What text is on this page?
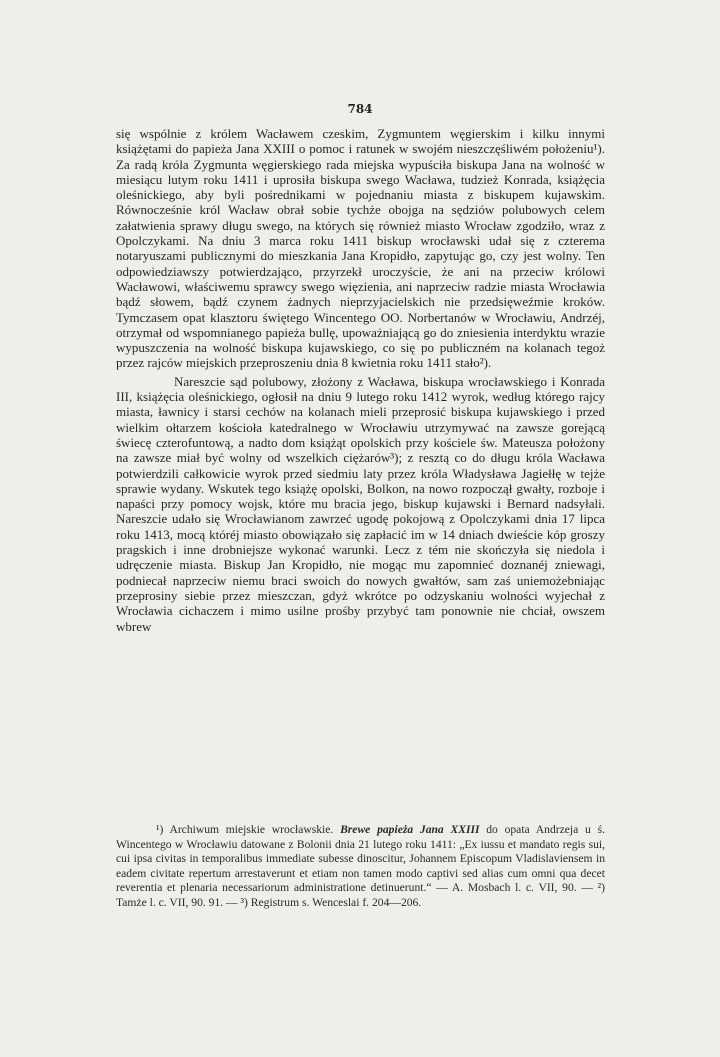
784

się wspólnie z królem Wacławem czeskim, Zygmuntem węgierskim i kilku innymi książętami do papieża Jana XXIII o pomoc i ratunek w swojém nieszczęśliwém położeniu¹). Za radą króla Zygmunta węgierskiego rada miejska wypuściła biskupa Jana na wolność w miesiącu lutym roku 1411 i uprosiła biskupa swego Wacława, tudzież Konrada, książęcia oleśnickiego, aby byli pośrednikami w pojednaniu miasta z biskupem kujawskim. Równocześnie król Wacław obrał sobie tychże obojga na sędziów polubowych celem załatwienia sprawy długu swego, na których się również miasto Wrocław zgodziło, wraz z Opolczykami. Na dniu 3 marca roku 1411 biskup wrocławski udał się z czterema notaryuszami publicznymi do mieszkania Jana Kropidło, zapytując go, czy jest wolny. Ten odpowiedziawszy potwierdzająco, przyrzekł uroczyście, że ani na przeciw królowi Wacławowi, właściwemu sprawcy swego więzienia, ani naprzeciw radzie miasta Wrocławia bądź słowem, bądź czynem żadnych nieprzyjacielskich nie przedsięweźmie kroków. Tymczasem opat klasztoru świętego Wincentego OO. Norbertanów w Wrocławiu, Andrzéj, otrzymał od wspomnianego papieża bullę, upoważniającą go do zniesienia interdyktu wrazie wypuszczenia na wolność biskupa kujawskiego, co się po publiczném na kolanach tegoż przez rajców miejskich przeproszeniu dnia 8 kwietnia roku 1411 stało²).

Nareszcie sąd polubowy, złożony z Wacława, biskupa wrocławskiego i Konrada III, książęcia oleśnickiego, ogłosił na dniu 9 lutego roku 1412 wyrok, według którego rajcy miasta, ławnicy i starsi cechów na kolanach mieli przeprosić biskupa kujawskiego i przed wielkim ołtarzem kościoła katedralnego w Wrocławiu utrzymywać na zawsze gorejącą świecę czterofuntową, a nadto dom książąt opolskich przy kościele św. Mateusza położony na zawsze miał być wolny od wszelkich ciężarów³); z resztą co do długu króla Wacława potwierdzili całkowicie wyrok przed siedmiu laty przez króla Władysława Jagiełłę w tejże sprawie wydany. Wskutek tego książę opolski, Bolkon, na nowo rozpoczął gwałty, rozboje i napaści przy pomocy wojsk, które mu bracia jego, biskup kujawski i Bernard nadsyłali. Nareszcie udało się Wrocławianom zawrzeć ugodę pokojową z Opolczykami dnia 17 lipca roku 1413, mocą któréj miasto obowiązało się zapłacić im w 14 dniach dwieście kóp groszy pragskich i inne drobniejsze wykonać warunki. Lecz z tém nie skończyła się niedola i udręczenie miasta. Biskup Jan Kropidło, nie mogąc mu zapomnieć doznanéj zniewagi, podniecał naprzeciw niemu braci swoich do nowych gwałtów, sam zaś uniemożebniając przeprosiny siebie przez mieszczan, gdyż wkrótce po odzyskaniu wolności wyjechał z Wrocławia cichaczem i mimo usilne prośby przybyć tam ponownie nie chciał, owszem wbrew

¹) Archiwum miejskie wrocławskie. Brewe papieża Jana XXIII do opata Andrzeja u ś. Wincentego w Wrocławiu datowane z Bolonii dnia 21 lutego roku 1411: „Ex iussu et mandato regis sui, cui ipsa civitas in temporalibus immediate subesse dinoscitur, Johannem Episcopum Vladislaviensem in eadem civitate repertum arrestaverunt et etiam non tamen modo captivi sed alias cum omni qua decet reverentia et plenaria necessariorum administratione detinuerunt.“ — A. Mosbach l. c. VII, 90. — ²) Tamże l. c. VII, 90. 91. — ³) Registrum s. Wenceslai f. 204—206.
